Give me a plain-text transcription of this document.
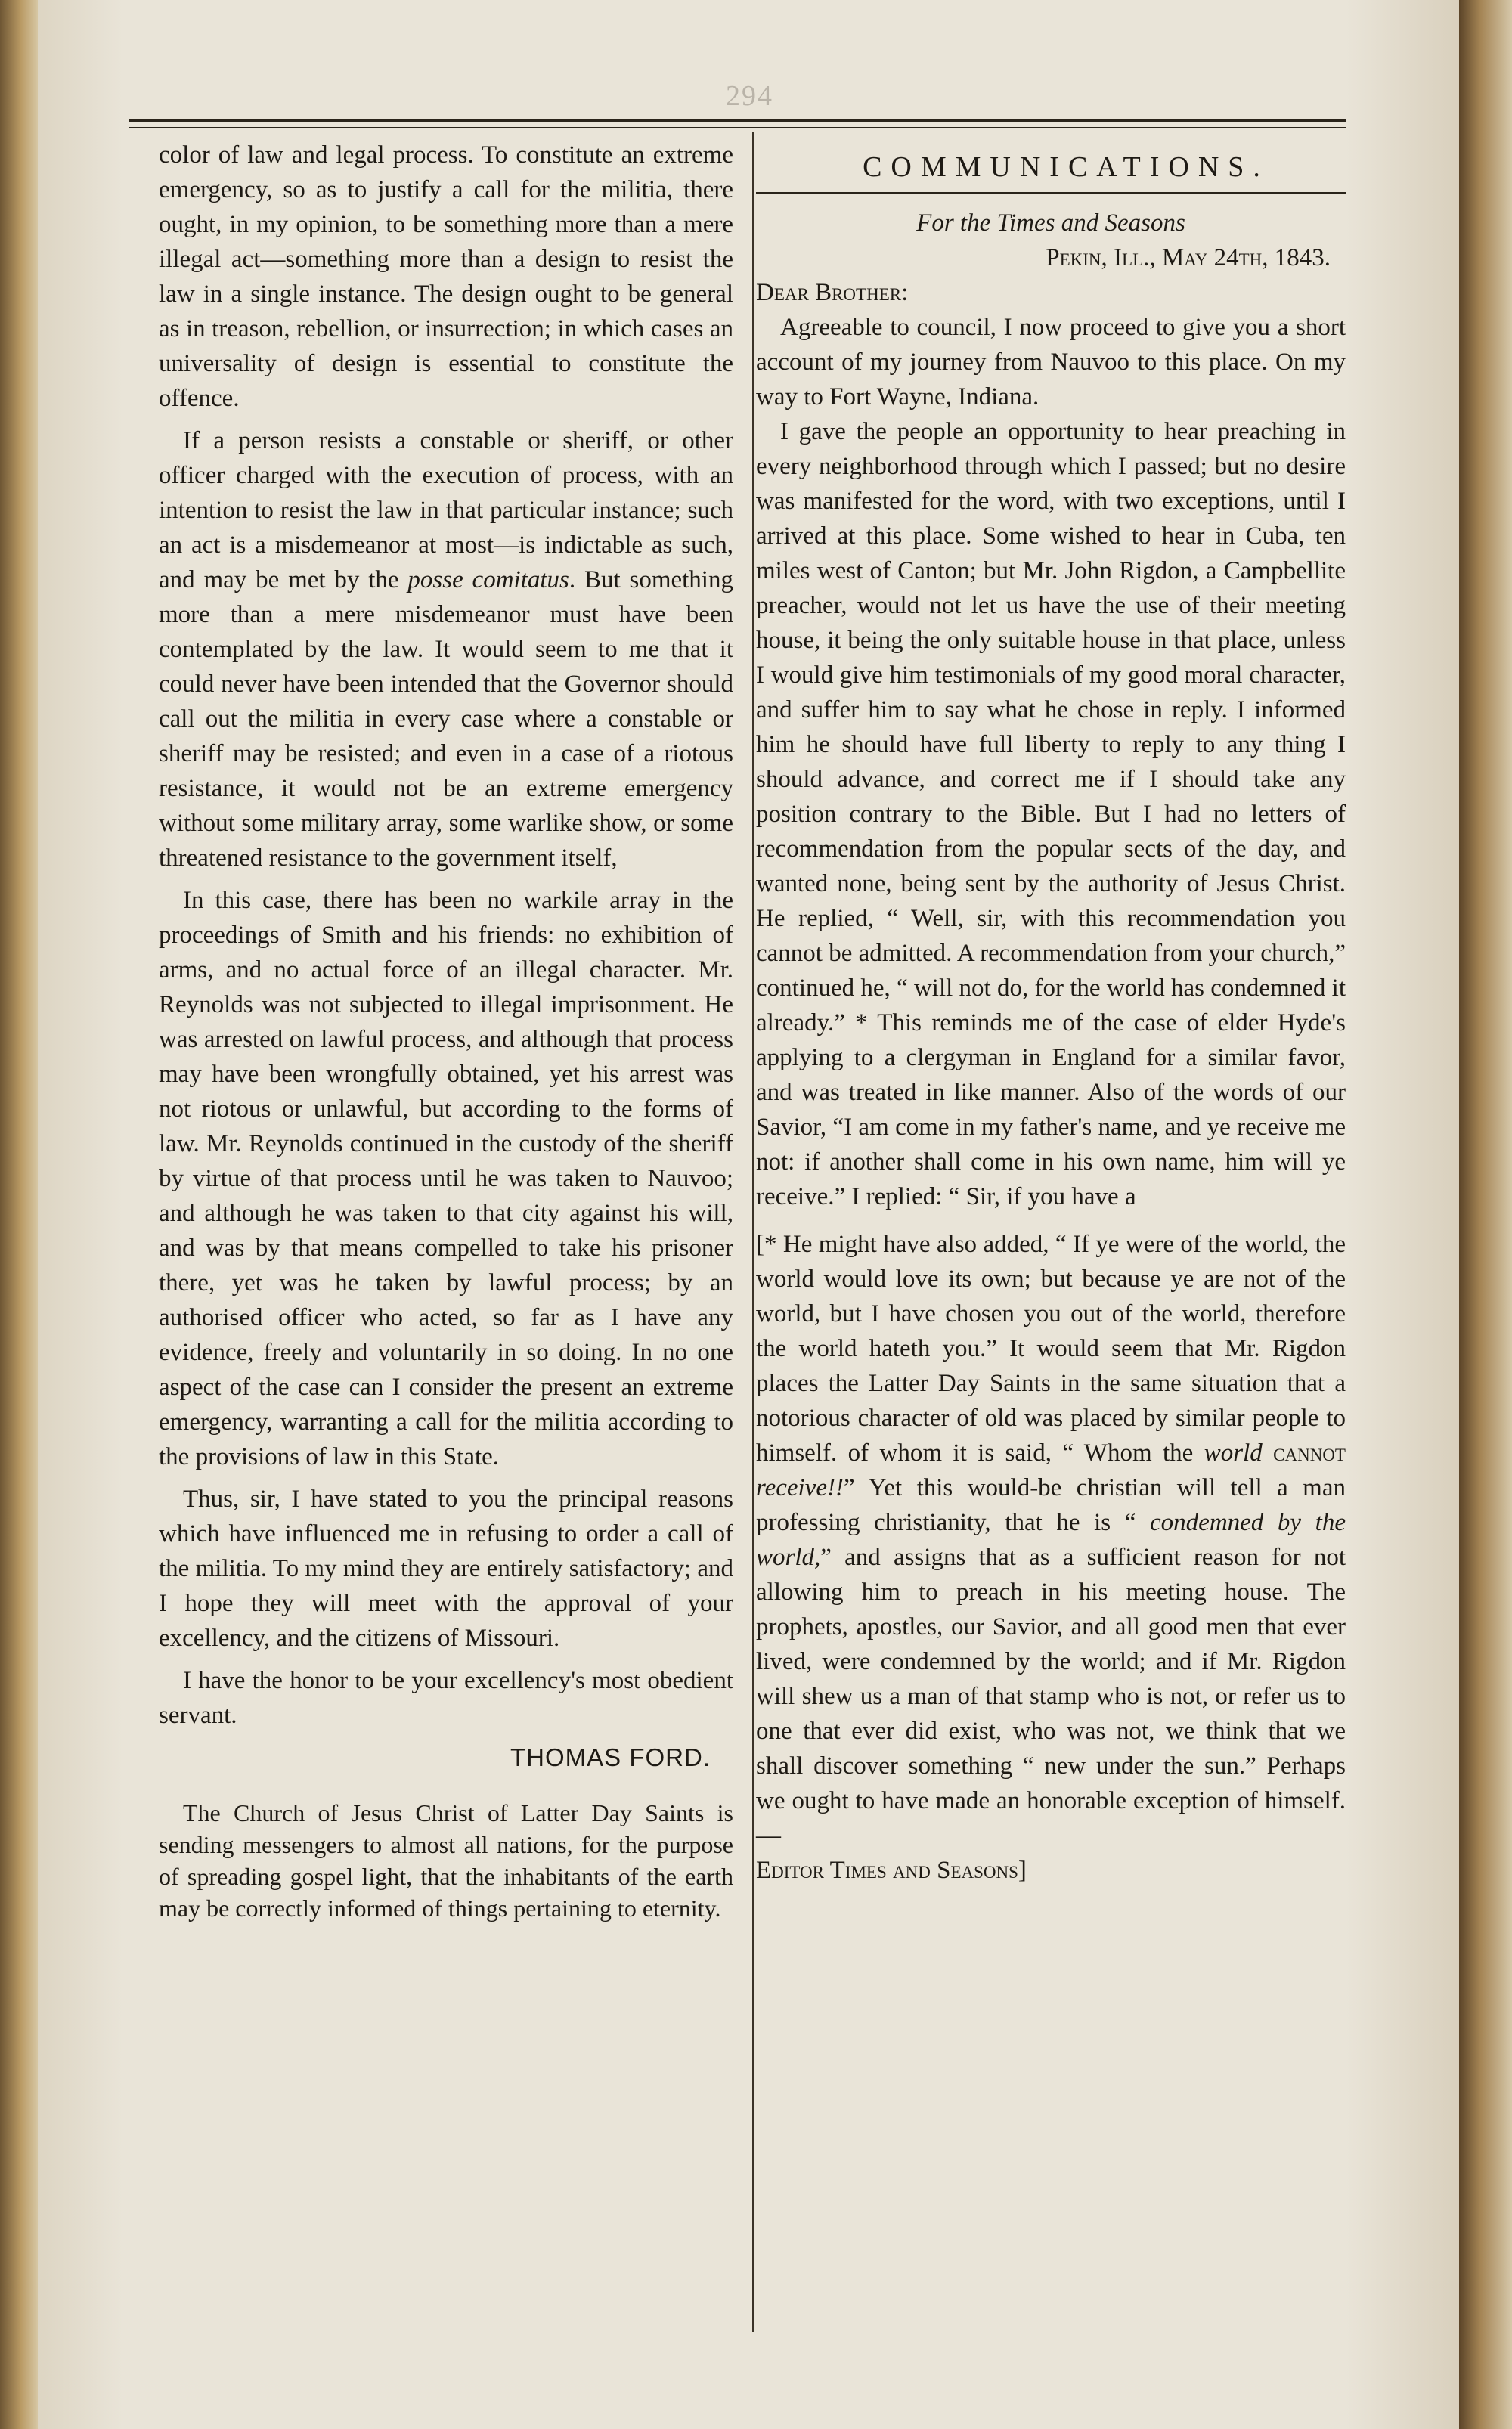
294

color of law and legal process. To constitute an extreme emergency, so as to justify a call for the militia, there ought, in my opinion, to be something more than a mere illegal act—something more than a design to resist the law in a single instance. The design ought to be general as in treason, rebellion, or insurrection; in which cases an universality of design is essential to constitute the offence.

If a person resists a constable or sheriff, or other officer charged with the execution of process, with an intention to resist the law in that particular instance; such an act is a misdemeanor at most—is indictable as such, and may be met by the posse comitatus. But something more than a mere misdemeanor must have been contemplated by the law. It would seem to me that it could never have been intended that the Governor should call out the militia in every case where a constable or sheriff may be resisted; and even in a case of a riotous resistance, it would not be an extreme emergency without some military array, some warlike show, or some threatened resistance to the government itself,

In this case, there has been no warkile array in the proceedings of Smith and his friends: no exhibition of arms, and no actual force of an illegal character. Mr. Reynolds was not subjected to illegal imprisonment. He was arrested on lawful process, and although that process may have been wrongfully obtained, yet his arrest was not riotous or unlawful, but according to the forms of law. Mr. Reynolds continued in the custody of the sheriff by virtue of that process until he was taken to Nauvoo; and although he was taken to that city against his will, and was by that means compelled to take his prisoner there, yet was he taken by lawful process; by an authorised officer who acted, so far as I have any evidence, freely and voluntarily in so doing. In no one aspect of the case can I consider the present an extreme emergency, warranting a call for the militia according to the provisions of law in this State.

Thus, sir, I have stated to you the principal reasons which have influenced me in refusing to order a call of the militia. To my mind they are entirely satisfactory; and I hope they will meet with the approval of your excellency, and the citizens of Missouri.

I have the honor to be your excellency's most obedient servant.

THOMAS FORD.

The Church of Jesus Christ of Latter Day Saints is sending messengers to almost all nations, for the purpose of spreading gospel light, that the inhabitants of the earth may be correctly informed of things pertaining to eternity.

COMMUNICATIONS.

For the Times and Seasons

Pekin, Ill., May 24th, 1843.

Dear Brother:

Agreeable to council, I now proceed to give you a short account of my journey from Nauvoo to this place. On my way to Fort Wayne, Indiana.

I gave the people an opportunity to hear preaching in every neighborhood through which I passed; but no desire was manifested for the word, with two exceptions, until I arrived at this place. Some wished to hear in Cuba, ten miles west of Canton; but Mr. John Rigdon, a Campbellite preacher, would not let us have the use of their meeting house, it being the only suitable house in that place, unless I would give him testimonials of my good moral character, and suffer him to say what he chose in reply. I informed him he should have full liberty to reply to any thing I should advance, and correct me if I should take any position contrary to the Bible. But I had no letters of recommendation from the popular sects of the day, and wanted none, being sent by the authority of Jesus Christ. He replied, “ Well, sir, with this recommendation you cannot be admitted. A recommendation from your church,” continued he, “ will not do, for the world has condemned it already.” * This reminds me of the case of elder Hyde's applying to a clergyman in England for a similar favor, and was treated in like manner. Also of the words of our Savior, “I am come in my father's name, and ye receive me not: if another shall come in his own name, him will ye receive.” I replied: “ Sir, if you have a

[* He might have also added, “ If ye were of the world, the world would love its own; but because ye are not of the world, but I have chosen you out of the world, therefore the world hateth you.” It would seem that Mr. Rigdon places the Latter Day Saints in the same situation that a notorious character of old was placed by similar people to himself. of whom it is said, “ Whom the world cannot receive!!” Yet this would-be christian will tell a man professing christianity, that he is “ condemned by the world,” and assigns that as a sufficient reason for not allowing him to preach in his meeting house. The prophets, apostles, our Savior, and all good men that ever lived, were condemned by the world; and if Mr. Rigdon will shew us a man of that stamp who is not, or refer us to one that ever did exist, who was not, we think that we shall discover something “ new under the sun.” Perhaps we ought to have made an honorable exception of himself.—
Editor Times and Seasons]
